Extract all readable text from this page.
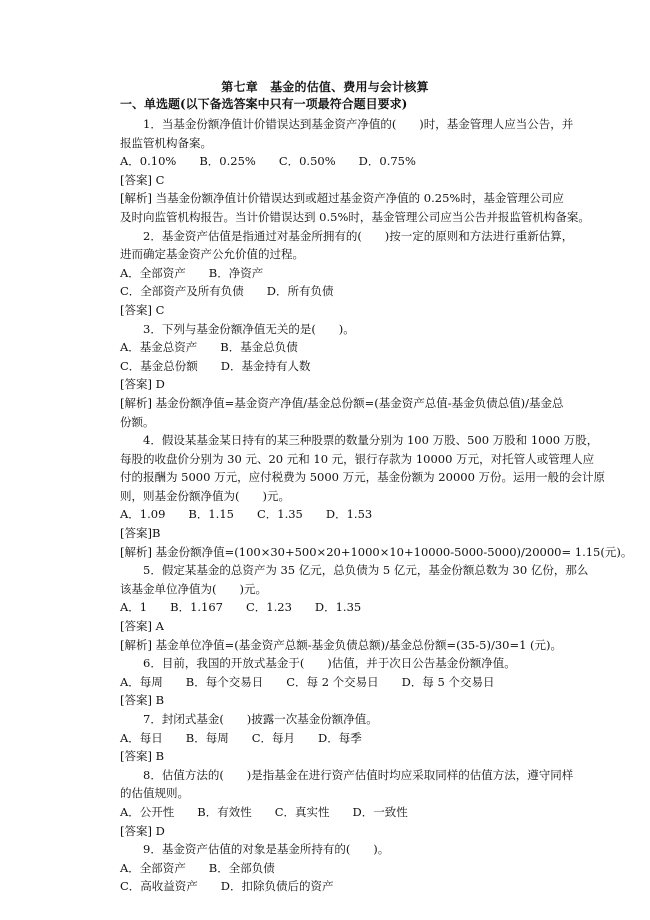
第七章　基金的估值、费用与会计核算
一、单选题(以下备选答案中只有一项最符合题目要求)
1．当基金份额净值计价错误达到基金资产净值的(　　)时，基金管理人应当公告，并
报监管机构备案。
A．0.10%　　B．0.25%　　C．0.50%　　D．0.75%
[答案] C
[解析] 当基金份额净值计价错误达到或超过基金资产净值的 0.25%时，基金管理公司应
及时向监管机构报告。当计价错误达到 0.5%时，基金管理公司应当公告并报监管机构备案。
2．基金资产估值是指通过对基金所拥有的(　　)按一定的原则和方法进行重新估算，
进而确定基金资产公允价值的过程。
A．全部资产　　B．净资产
C．全部资产及所有负债　　D．所有负债
[答案] C
3．下列与基金份额净值无关的是(　　)。
A．基金总资产　　B．基金总负债
C．基金总份额　　D．基金持有人数
[答案] D
[解析] 基金份额净值=基金资产净值/基金总份额=(基金资产总值-基金负债总值)/基金总
份额。
4．假设某基金某日持有的某三种股票的数量分别为 100 万股、500 万股和 1000 万股，
每股的收盘价分别为 30 元、20 元和 10 元，银行存款为 10000 万元，对托管人或管理人应
付的报酬为 5000 万元，应付税费为 5000 万元，基金份额为 20000 万份。运用一般的会计原
则，则基金份额净值为(　　)元。
A．1.09　　B．1.15　　C．1.35　　D．1.53
[答案]B
[解析] 基金份额净值=(100×30+500×20+1000×10+10000-5000-5000)/20000= 1.15(元)。
5．假定某基金的总资产为 35 亿元，总负债为 5 亿元，基金份额总数为 30 亿份，那么
该基金单位净值为(　　)元。
A．1　　B．1.167　　C．1.23　　D．1.35
[答案] A
[解析] 基金单位净值=(基金资产总额-基金负债总额)/基金总份额=(35-5)/30=1 (元)。
6．目前，我国的开放式基金于(　　)估值，并于次日公告基金份额净值。
A．每周　　B．每个交易日　　C．每 2 个交易日　　D．每 5 个交易日
[答案] B
7．封闭式基金(　　)披露一次基金份额净值。
A．每日　　B．每周　　C．每月　　D．每季
[答案] B
8．估值方法的(　　)是指基金在进行资产估值时均应采取同样的估值方法，遵守同样
的估值规则。
A．公开性　　B．有效性　　C．真实性　　D．一致性
[答案] D
9．基金资产估值的对象是基金所持有的(　　)。
A．全部资产　　B．全部负债
C．高收益资产　　D．扣除负债后的资产
